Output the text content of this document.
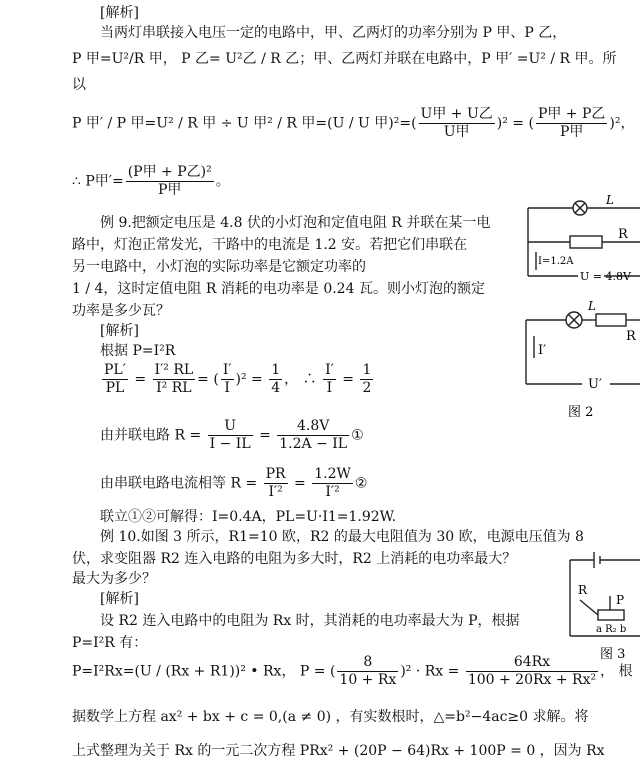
[解析]
当两灯串联接入电压一定的电路中，甲、乙两灯的功率分别为 P 甲、P 乙，
P 甲=U²/R 甲， P 乙= U²乙 / R 乙；甲、乙两灯并联在电路中，P 甲′ =U² / R 甲。所
以
P 甲′ / P 甲=U² / R 甲 ÷ U 甲² / R 甲=(U / U 甲)$^2=( \frac{\text{U甲 + U乙}}{\text{U甲}} )^2$ = ( $\frac{\text{P甲 + P乙}}{\text{P甲}} )^2$，
∴ P甲′= $\frac{\text{(P甲 + P乙)²}}{\text{P甲}}$ 。
例 9.把额定电压是 4.8 伏的小灯泡和定值电阻 R 并联在某一电
路中，灯泡正常发光，干路中的电流是 1.2 安。若把它们串联在
另一电路中，小灯泡的实际功率是它额定功率的
1 / 4，这时定值电阻 R 消耗的电功率是 0.24 瓦。则小灯泡的额定
功率是多少瓦？
[解析]
根据 P=I²R
$\frac{PL'}{PL} = \frac{\text{I′² RL}}{\text{I² RL}}$ = ( $\frac{I'}{I} )^2 = \frac{1}{4}$ ， ∴ $\frac{I'}{I} = \frac{1}{2}$
由并联电路 $R = \frac{U}{I - IL} = \frac{4.8V}{1.2A - IL}$ ①
由串联电路电流相等 $R = \frac{PR}{\text{I′²}} = \frac{1.2W}{\text{I′²}}$ ②
联立①②可解得：I=0.4A，PL=U·I1=1.92W.
例 10.如图 3 所示，R1=10 欧，R2 的最大电阻值为 30 欧，电源电压值为 8
伏，求变阻器 R2 连入电路的电阻为多大时，R2 上消耗的电功率最大？
最大为多少？
[解析]
设 R2 连入电路中的电阻为 Rx 时，其消耗的电功率最大为 P，根据
P=I²R 有：
P=I²Rx=(U / (Rx + R1))² • Rx， P = ( $\frac{8}{10 + Rx} )^2 \cdot Rx = \frac{64Rx}{\text{100 + 20Rx + Rx²}}$ ， 根
据数学上方程 ax² + bx + c = 0,(a ≠ 0) ，有实数根时，△=b²−4ac≥0 求解。将
上式整理为关于 Rx 的一元二次方程 PRx² + (20P − 64)Rx + 100P = 0 ，因为 Rx
L
R
I=1.2A
U = 4.8V
L
R
I′
U′
图 2
P
R
a R₂ b
图 3
